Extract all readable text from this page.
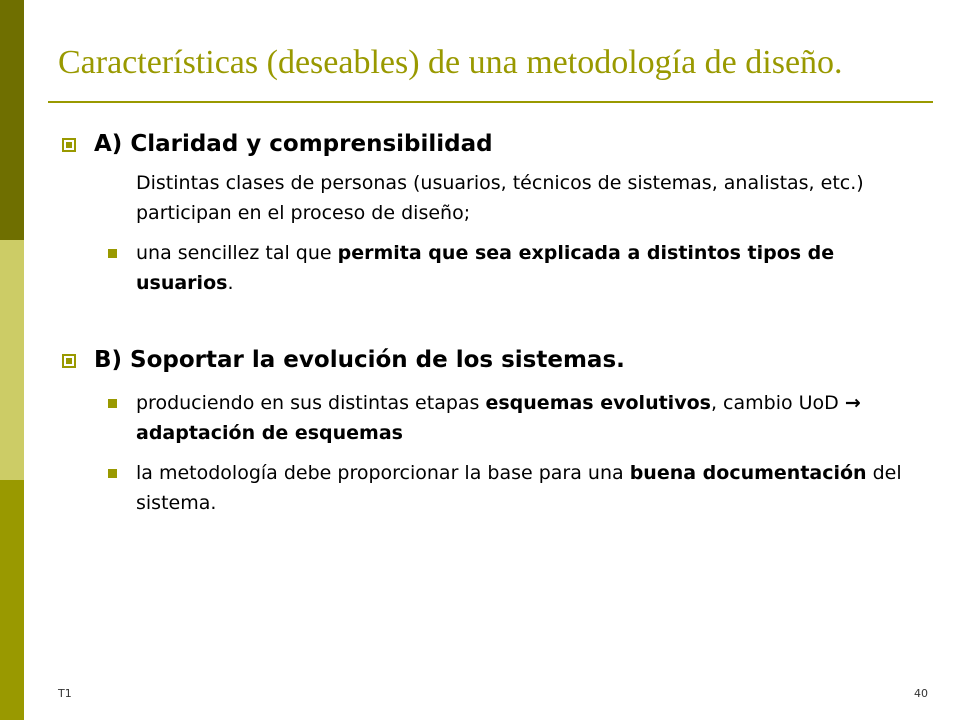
Características (deseables) de una metodología de diseño.
A) Claridad y comprensibilidad
Distintas clases de personas (usuarios, técnicos de sistemas, analistas, etc.) participan en el proceso de diseño;
una sencillez tal que permita que sea explicada a distintos tipos de usuarios.
B) Soportar la evolución de los sistemas.
produciendo en sus distintas etapas esquemas evolutivos, cambio UoD → adaptación de esquemas
la metodología debe proporcionar la base para una buena documentación del sistema.
T1	40
